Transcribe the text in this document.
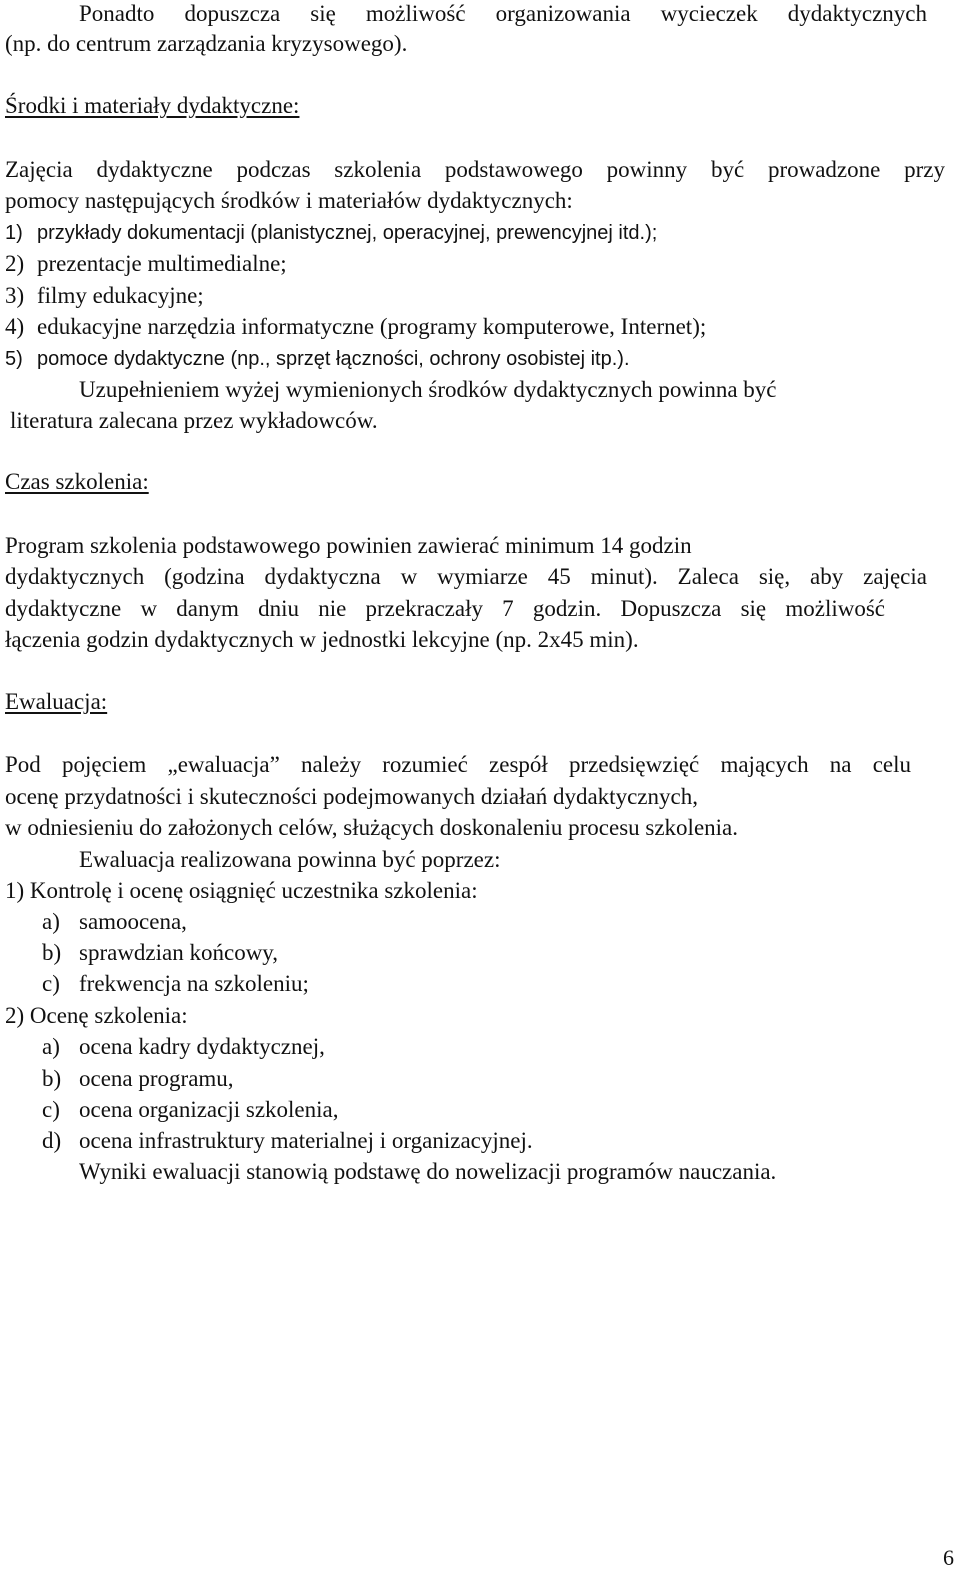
Ponadto dopuszcza się możliwość organizowania wycieczek dydaktycznych
(np. do centrum zarządzania kryzysowego).
Środki i materiały dydaktyczne:
Zajęcia dydaktyczne podczas szkolenia podstawowego powinny być prowadzone przy
pomocy następujących środków i materiałów dydaktycznych:
1) przykłady dokumentacji (planistycznej, operacyjnej, prewencyjnej itd.);
2) prezentacje multimedialne;
3) filmy edukacyjne;
4) edukacyjne narzędzia informatyczne (programy komputerowe, Internet);
5) pomoce dydaktyczne (np., sprzęt łączności, ochrony osobistej itp.).
Uzupełnieniem wyżej wymienionych środków dydaktycznych powinna być
literatura zalecana przez wykładowców.
Czas szkolenia:
Program szkolenia podstawowego powinien zawierać minimum 14 godzin
dydaktycznych (godzina dydaktyczna w wymiarze 45 minut). Zaleca się, aby zajęcia
dydaktyczne w danym dniu nie przekraczały 7 godzin. Dopuszcza się możliwość
łączenia godzin dydaktycznych w jednostki lekcyjne (np. 2x45 min).
Ewaluacja:
Pod pojęciem „ewaluacja” należy rozumieć zespół przedsięwzięć mających na celu
ocenę przydatności i skuteczności podejmowanych działań dydaktycznych,
w odniesieniu do założonych celów, służących doskonaleniu procesu szkolenia.
Ewaluacja realizowana powinna być poprzez:
1) Kontrolę i ocenę osiągnięć uczestnika szkolenia:
a) samoocena,
b) sprawdzian końcowy,
c) frekwencja na szkoleniu;
2) Ocenę szkolenia:
a) ocena kadry dydaktycznej,
b) ocena programu,
c) ocena organizacji szkolenia,
d) ocena infrastruktury materialnej i organizacyjnej.
Wyniki ewaluacji stanowią podstawę do nowelizacji programów nauczania.
6
